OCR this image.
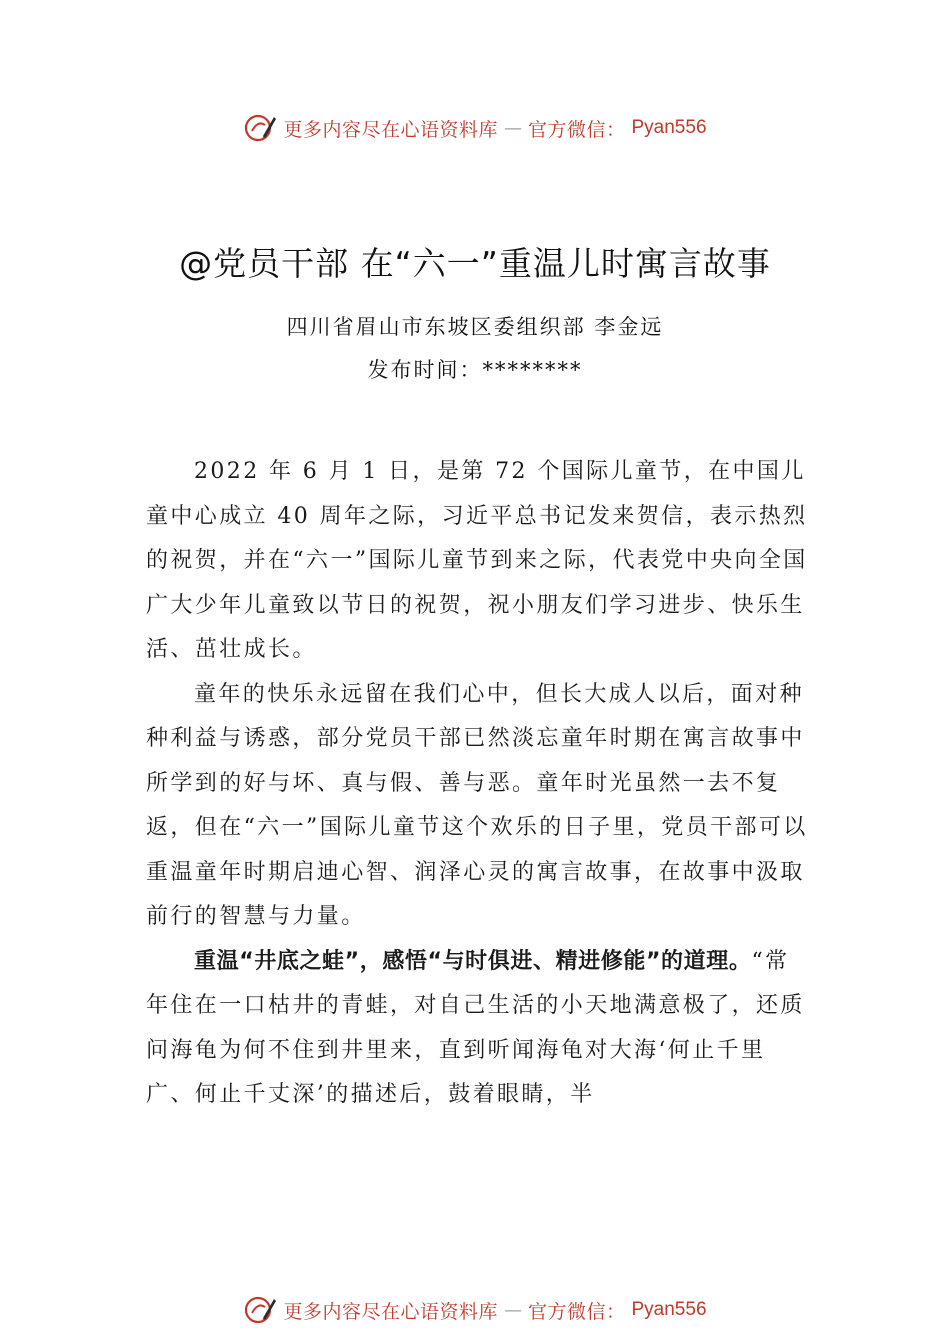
更多内容尽在心语资料库 — 官方微信： Pyan556
@党员干部 在“六一”重温儿时寓言故事
四川省眉山市东坡区委组织部 李金远
发布时间：********

2022 年 6 月 1 日，是第 72 个国际儿童节，在中国儿童中心成立 40 周年之际，习近平总书记发来贺信，表示热烈的祝贺，并在“六一”国际儿童节到来之际，代表党中央向全国广大少年儿童致以节日的祝贺，祝小朋友们学习进步、快乐生活、茁壮成长。

童年的快乐永远留在我们心中，但长大成人以后，面对种种利益与诱惑，部分党员干部已然淡忘童年时期在寓言故事中所学到的好与坏、真与假、善与恶。童年时光虽然一去不复返，但在“六一”国际儿童节这个欢乐的日子里，党员干部可以重温童年时期启迪心智、润泽心灵的寓言故事，在故事中汲取前行的智慧与力量。

重温“井底之蛙”，感悟“与时俱进、精进修能”的道理。“常年住在一口枯井的青蛙，对自己生活的小天地满意极了，还质问海龟为何不住到井里来，直到听闻海龟对大海‘何止千里广、何止千丈深’的描述后，鼓着眼睛，半

更多内容尽在心语资料库 — 官方微信： Pyan556
